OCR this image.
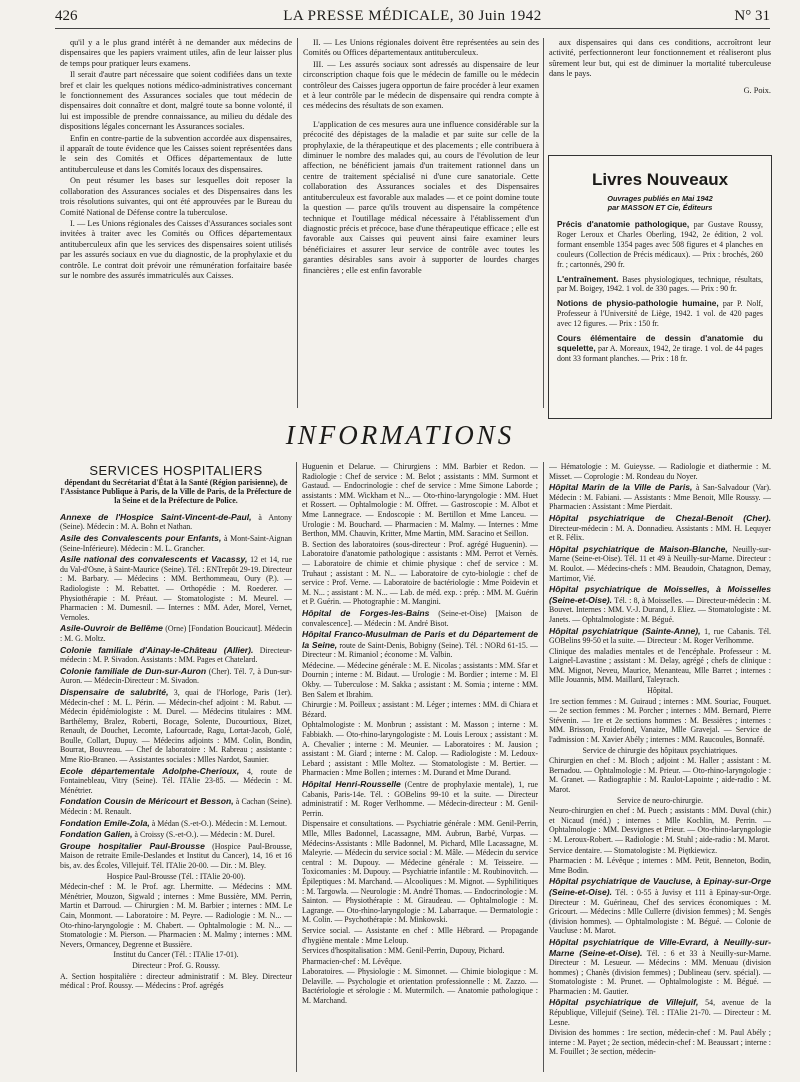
426	LA PRESSE MÉDICALE, 30 Juin 1942	N° 31

qu'il y a le plus grand intérêt à ne demander aux médecins de dispensaires que les papiers vraiment utiles, afin de leur laisser plus de temps pour pratiquer leurs examens.

Il serait d'autre part nécessaire que soient codifiées dans un texte bref et clair les quelques notions médico-administratives concernant le fonctionnement des Assurances sociales que tout médecin de dispensaires doit connaître et dont, malgré toute sa bonne volonté, il lui est impossible de prendre connaissance, au milieu du dédale des dispositions légales concernant les Assurances sociales.

Enfin en contre-partie de la subvention accordée aux dispensaires, il apparaît de toute évidence que les Caisses soient représentées dans le sein des Comités et Offices départementaux de lutte antituberculeuse et dans les Comités locaux des dispensaires.

On peut résumer les bases sur lesquelles doit reposer la collaboration des Assurances sociales et des Dispensaires dans les trois résolutions suivantes, qui ont été approuvées par le Bureau du Comité National de Défense contre la tuberculose.

I. — Les Unions régionales des Caisses d'Assurances sociales sont invitées à traiter avec les Comités ou Offices départementaux antituberculeux afin que les services des dispensaires soient utilisés par les assurés sociaux en vue du diagnostic, de la prophylaxie et du contrôle. Le contrat doit prévoir une rémunération forfaitaire basée sur le nombre des assurés immatriculés aux Caisses.

II. — Les Unions régionales doivent être représentées au sein des Comités ou Offices départementaux antituberculeux.

III. — Les assurés sociaux sont adressés au dispensaire de leur circonscription chaque fois que le médecin de famille ou le médecin contrôleur des Caisses jugera opportun de faire procéder à leur examen et à leur contrôle par le médecin de dispensaire qui rendra compte à ces médecins des résultats de son examen.

L'application de ces mesures aura une influence considérable sur la précocité des dépistages de la maladie et par suite sur celle de la prophylaxie, de la thérapeutique et des placements ; elle contribuera à diminuer le nombre des malades qui, au cours de l'évolution de leur affection, ne bénéficient jamais d'un traitement rationnel dans un centre de traitement spécialisé ni d'une cure sanatoriale. Cette collaboration des Assurances sociales et des Dispensaires antituberculeux est favorable aux malades — et ce point domine toute la question — parce qu'ils trouvent au dispensaire la compétence technique et l'outillage médical nécessaire à l'établissement d'un diagnostic précis et précoce, base d'une thérapeutique efficace ; elle est favorable aux Caisses qui peuvent ainsi faire examiner leurs bénéficiaires et assurer leur service de contrôle avec toutes les garanties désirables sans avoir à supporter de lourdes charges financières ; elle est enfin favorable

aux dispensaires qui dans ces conditions, accroîtront leur activité, perfectionneront leur fonctionnement et réaliseront plus sûrement leur but, qui est de diminuer la mortalité tuberculeuse dans le pays.

G. Poix.
Livres Nouveaux
Ouvrages publiés en Mai 1942
par MASSON ET Cie, Éditeurs
Précis d'anatomie pathologique, par Gustave Roussy, Roger Leroux et Charles Oberling, 1942, 2e édition, 2 vol. formant ensemble 1354 pages avec 508 figures et 4 planches en couleurs (Collection de Précis médicaux). — Prix : brochés, 260 fr. ; cartonnés, 290 fr.
L'entraînement. Bases physiologiques, technique, résultats, par M. Boigey, 1942. 1 vol. de 330 pages. — Prix : 90 fr.
Notions de physio-pathologie humaine, par P. Nolf, Professeur à l'Université de Liège, 1942. 1 vol. de 420 pages avec 12 figures. — Prix : 150 fr.
Cours élémentaire de dessin d'anatomie du squelette, par A. Moreaux, 1942, 2e tirage. 1 vol. de 44 pages dont 33 formant planches. — Prix : 18 fr.
INFORMATIONS
SERVICES HOSPITALIERS
dépendant du Secrétariat d'État à la Santé (Région parisienne), de l'Assistance Publique à Paris, de la Ville de Paris, de la Préfecture de la Seine et de la Préfecture de Police.

Annexe de l'Hospice Saint-Vincent-de-Paul, à Antony (Seine). Médecin : M. A. Bohn et Nathan.

Asile des Convalescents pour Enfants, à Mont-Saint-Aignan (Seine-Inférieure). Médecin : M. L. Grancher.

Asile national des convalescents et Vacassy, 12 et 14, rue du Val-d'Osne, à Saint-Maurice (Seine). Tél. : ENTrepôt 29-19. Directeur : M. Barbary. — Médecins : MM. Berthommeau, Oury (P.). — Radiologiste : M. Rebattet. — Orthopédie : M. Roederer. — Physiothérapie : M. Préaut. — Stomatologiste : M. Meurel. — Pharmacien : M. Dumesnil. — Internes : MM. Ader, Morel, Vernet, Vernoles.

Asile-Ouvroir de Bellême (Orne) [Fondation Boucicaut]. Médecin : M. G. Moltz.

Colonie familiale d'Ainay-le-Château (Allier). Directeur-médecin : M. P. Sivadon. Assistants : MM. Pages et Chatelard.

Colonie familiale de Dun-sur-Auron (Cher). Tél. 7, à Dun-sur-Auron. — Médecin-Directeur : M. Sivadon.

Dispensaire de salubrité, 3, quai de l'Horloge, Paris (1er). Médecin-chef : M. L. Périn. — Médecin-chef adjoint : M. Rabut. — Médecin épidémiologiste : M. Durel. — Médecins titulaires : MM. Barthélemy, Bralez, Roberti, Bocage, Solente, Ducourtioux, Bizet, Renault, de Douchet, Lecomte, Lafourcade, Ragu, Lortat-Jacob, Golé, Boulle, Collart, Dupuy. — Médecins adjoints : MM. Colin, Bondin, Bourrat, Bouvreau. — Chef de laboratoire : M. Rabreau ; assistante : Mme Rio-Braneo. — Assistantes sociales : Mlles Nardot, Saunier.

Ecole départementale Adolphe-Cherioux, 4, route de Fontainebleau, Vitry (Seine). Tél. ITAlie 23-85. — Médecin : M. Ménétrier.

Fondation Cousin de Méricourt et Besson, à Cachan (Seine). Médecin : M. Renault.

Fondation Emile-Zola, à Médan (S.-et-O.). Médecin : M. Lernout.

Fondation Galien, à Croissy (S.-et-O.). — Médecin : M. Durel.

Groupe hospitalier Paul-Brousse (Hospice Paul-Brousse, Maison de retraite Emile-Deslandes et Institut du Cancer), 14, 16 et 16 bis, av. des Écoles, Villejuif. Tél. ITAlie 20-00. — Dir. : M. Bley.

Hospice Paul-Brousse (Tél. : ITAlie 20-00).

Médecin-chef : M. le Prof. agr. Lhermitte. — Médecins : MM. Ménétrier, Mouzon, Sigwald ; internes : Mme Bussière, MM. Perrin, Martin et Darroud. — Chirurgien : M. M. Barbier ; internes : MM. Le Cain, Monmont. — Laboratoire : M. Peyre. — Radiologie : M. N... — Oto-rhino-laryngologie : M. Chabert. — Ophtalmologie : M. N... — Stomatologie : M. Pierson. — Pharmacien : M. Malmy ; internes : MM. Nevers, Ormancey, Degrenne et Bussière.

Institut du Cancer (Tél. : ITAlie 17-01).

Directeur : Prof. G. Roussy.

A. Section hospitalière : directeur administratif : M. Bley. Directeur médical : Prof. Roussy. — Médecins : Prof. agrégés

Huguenin et Delarue. — Chirurgiens : MM. Barbier et Redon. — Radiologie : Chef de service : M. Belot ; assistants : MM. Surmont et Gastaud. — Endocrinologie : chef de service : Mme Simone Laborde ; assistants : MM. Wickham et N... — Oto-rhino-laryngologie : MM. Huet et Rossert. — Ophtalmologie : M. Offret. — Gastroscopie : M. Albot et Mme Lannegrace. — Endoscopie : M. Bertillon et Mme Lanceu. — Urologie : M. Bouchard. — Pharmacien : M. Malmy. — Internes : Mme Berthon, MM. Chauvin, Kritter, Mme Martin, MM. Saracino et Seillon.

B. Section des laboratoires (sous-directeur : Prof. agrégé Huguenin). — Laboratoire d'anatomie pathologique : assistants : MM. Perrot et Vernès. — Laboratoire de chimie et chimie physique : chef de service : M. Truhaut ; assistant : M. N... — Laboratoire de cyto-biologie : chef de service : Prof. Verne. — Laboratoire de bactériologie : Mme Poidevin et M. N... ; assistant : M. N... — Lab. de méd. exp. : prép. : MM. M. Guérin et P. Guérin. — Photographie : M. Mangini.

Hôpital de Forges-les-Bains (Seine-et-Oise) [Maison de convalescence]. — Médecin : M. André Bisot.

Hôpital Franco-Musulman de Paris et du Département de la Seine, route de Saint-Denis, Bobigny (Seine). Tél. : NORd 61-15. — Directeur : M. Rimaniol ; économe : M. Valbin.

Médecine. — Médecine générale : M. E. Nicolas ; assistants : MM. Sfar et Dournin ; interne : M. Bidaut. — Urologie : M. Bordier ; interne : M. El Okby. — Tuberculose : M. Sakka ; assistant : M. Somia ; interne : MM. Ben Salem et Ibrahim.

Chirurgie : M. Poilleux ; assistant : M. Léger ; internes : MM. di Chiara et Bézard.

Ophtalmologiste : M. Monbrun ; assistant : M. Masson ; interne : M. Fabbiakh. — Oto-rhino-laryngologiste : M. Louis Leroux ; assistant : M. A. Chevalier ; interne : M. Meunier. — Laboratoires : M. Jausion ; assistant : M. Giard ; interne : M. Calop. — Radiologiste : M. Ledoux-Lebard ; assistant : Mlle Moltez. — Stomatologiste : M. Bertier. — Pharmacien : Mme Bollen ; internes : M. Durand et Mme Durand.

Hôpital Henri-Rousselle (Centre de prophylaxie mentale), 1, rue Cabanis, Paris-14e. Tél. : GOBelins 99-10 et la suite. — Directeur administratif : M. Roger Verlhomme. — Médecin-directeur : M. Genil-Perrin.

Dispensaire et consultations. — Psychiatrie générale : MM. Genil-Perrin, Mlle, Mlles Badonnel, Lacassagne, MM. Aubrun, Barbé, Vurpas. — Médecins-Assistants : Mlle Badonnel, M. Pichard, Mlle Lacassagne, M. Maleyrie. — Médecin du service social : M. Mâle. — Médecin du service central : M. Dupouy. — Médecine générale : M. Teisseire. — Toxicomanies : M. Dupouy. — Psychiatrie infantile : M. Roubinovitch. — Épileptiques : M. Marchand. — Alcooliques : M. Mignot. — Syphilitiques : M. Targowla. — Neurologie : M. André Thomas. — Endocrinologie : M. Sainton. — Physiothérapie : M. Giraudeau. — Ophtalmologie : M. Lagrange. — Oto-rhino-laryngologie : M. Labarraque. — Dermatologie : M. Colin. — Psychothérapie : M. Minkowski.

Service social. — Assistante en chef : Mlle Hébrard. — Propagande d'hygiène mentale : Mme Leloup.

Services d'hospitalisation : MM. Genil-Perrin, Dupouy, Pichard.

Pharmacien-chef : M. Lévêque.

Laboratoires. — Physiologie : M. Simonnet. — Chimie biologique : M. Delaville. — Psychologie et orientation professionnelle : M. Zazzo. — Bactériologie et sérologie : M. Mutermilch. — Anatomie pathologique : M. Marchand.

— Hématologie : M. Guieysse. — Radiologie et diathermie : M. Misset. — Coprologie : M. Rondeau du Noyer.

Hôpital Marin de la Ville de Paris, à San-Salvadour (Var). Médecin : M. Fabiani. — Assistants : Mme Benoit, Mlle Roussy. — Pharmacien : Assistant : Mme Pierdait.

Hôpital psychiatrique de Chezal-Benoit (Cher). Directeur-médecin : M. A. Donnadieu. Assistants : MM. H. Lequyer et R. Félix.

Hôpital psychiatrique de Maison-Blanche, Neuilly-sur-Marne (Seine-et-Oise). Tél. 11 et 49 à Neuilly-sur-Marne. Directeur : M. Roulot. — Médecins-chefs : MM. Beaudoin, Chatagnon, Demay, Martimor, Vié.

Hôpital psychiatrique de Moisselles, à Moisselles (Seine-et-Oise). Tél. : 8, à Moisselles. — Directeur-médecin : M. Bouvet. Internes : MM. V.-J. Durand, J. Eliez. — Stomatologiste : M. Janets. — Ophtalmologiste : M. Bégué.

Hôpital psychiatrique (Sainte-Anne), 1, rue Cabanis. Tél. GOBelins 99-50 et la suite. — Directeur : M. Roger Verlhomme.

Clinique des maladies mentales et de l'encéphale. Professeur : M. Laignel-Lavastine ; assistant : M. Delay, agrégé ; chefs de clinique : MM. Mignot, Neveu, Maurice, Menanteau, Mlle Barret ; internes : Mlle Jouannis, MM. Maillard, Taleyrach.

Hôpital.

1re section femmes : M. Guiraud ; internes : MM. Souriac, Fouquet. — 2e section femmes : M. Porcher ; internes : MM. Bernard, Pierre Stévenin. — 1re et 2e sections hommes : M. Bessières ; internes : MM. Brisson, Froidefond, Vanaize, Mlle Gravejal. — Service de l'admission : M. Xavier Abély ; internes : MM. Raucoules, Bonnafé.

Service de chirurgie des hôpitaux psychiatriques.

Chirurgien en chef : M. Bloch ; adjoint : M. Haller ; assistant : M. Bernadou. — Ophtalmologie : M. Prieur. — Oto-rhino-laryngologie : M. Granet. — Radiographie : M. Raulot-Lapointe ; aide-radio : M. Marot.

Service de neuro-chirurgie.

Neuro-chirurgien en chef : M. Puech ; assistants : MM. Duval (chir.) et Nicaud (méd.) ; internes : Mlle Kochlin, M. Perrin. — Ophtalmologie : MM. Desvignes et Prieur. — Oto-rhino-laryngologie : M. Leroux-Robert. — Radiologie : M. Stuhl ; aide-radio : M. Marot.

Service dentaire. — Stomatologiste : M. Piętkiewicz.

Pharmacien : M. Lévêque ; internes : MM. Petit, Benneton, Bodin, Mme Bodin.

Hôpital psychiatrique de Vaucluse, à Epinay-sur-Orge (Seine-et-Oise). Tél. : 0-55 à Juvisy et 111 à Epinay-sur-Orge. Directeur : M. Guérineau, Chef des services économiques : M. Gricourt. — Médecins : Mlle Cullerre (division femmes) ; M. Sengès (division hommes). — Ophtalmologiste : M. Bégué. — Colonie de Vaucluse : M. Marot.

Hôpital psychiatrique de Ville-Evrard, à Neuilly-sur-Marne (Seine-et-Oise). Tél. : 6 et 33 à Neuilly-sur-Marne. Directeur : M. Lesueur. — Médecins : MM. Menuau (division hommes) ; Chanès (division femmes) ; Dublineau (serv. spécial). — Stomatologiste : M. Prunet. — Ophtalmologiste : M. Bégué. — Pharmacien : M. Gautier.

Hôpital psychiatrique de Villejuif, 54, avenue de la République, Villejuif (Seine). Tél. : ITAlie 21-70. — Directeur : M. Lesne.

Division des hommes : 1re section, médecin-chef : M. Paul Abély ; interne : M. Payet ; 2e section, médecin-chef : M. Beaussart ; interne : M. Fouillet ; 3e section, médecin-
